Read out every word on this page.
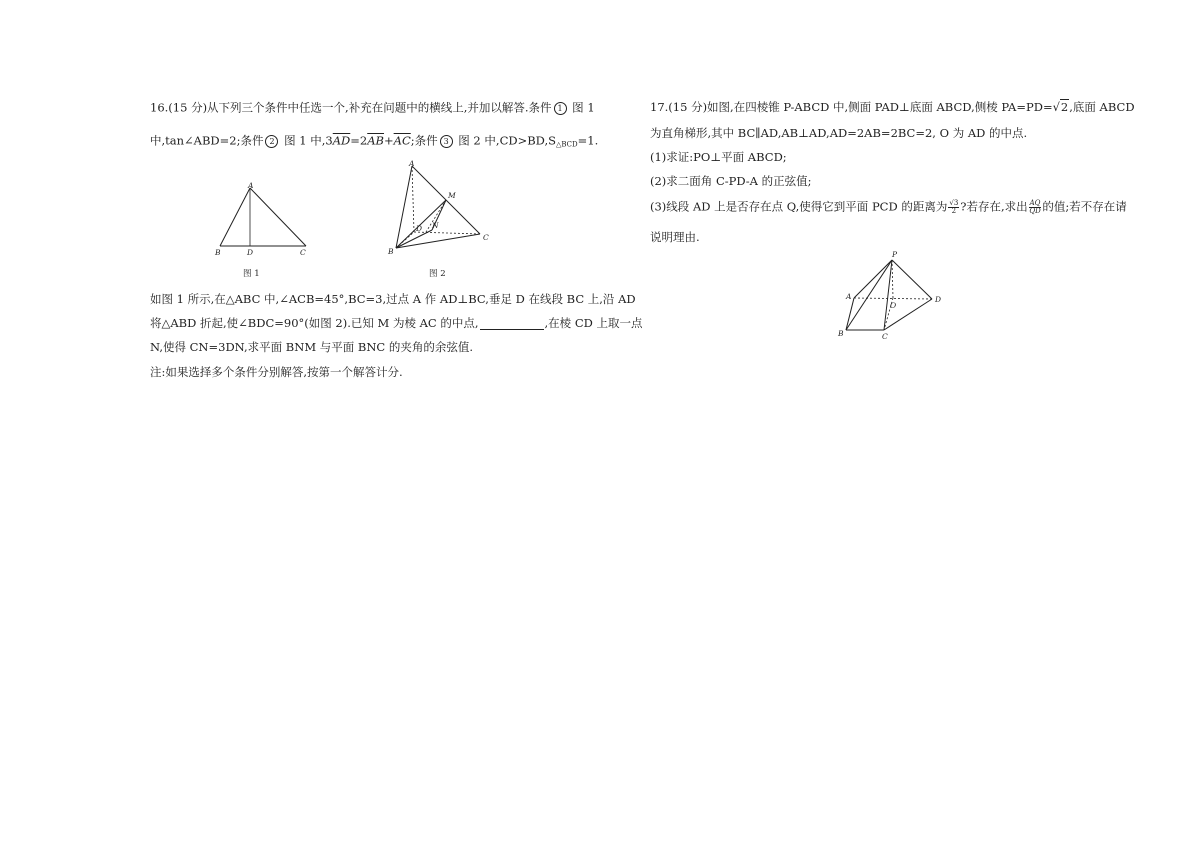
16.(15 分)从下列三个条件中任选一个,补充在问题中的横线上,并加以解答.条件 1 图 1
中,tan∠ABD=2;条件 2 图 1 中$,3\overline{AD}=2\overline{AB}+\overline{AC}$;条件 3 图 2 中$,CD>BD,S_{\triangle BCD}=1$.
A
B	D	C
图 1
A
B
C
D
M
N
图 2
如图 1 所示,在△ABC 中,∠ACB=45°,BC=3,过点 A 作 AD⊥BC,垂足 D 在线段 BC 上,沿 AD
将△ABD 折起,使∠BDC=90°(如图 2).已知 M 为棱 AC 的中点,	,在棱 CD 上取一点
N,使得 CN=3DN,求平面 BNM 与平面 BNC 的夹角的余弦值.
注:如果选择多个条件分别解答,按第一个解答计分.
17.(15 分)如图,在四棱锥 P-ABCD 中,侧面 PAD⊥底面 ABCD,侧棱 PA=PD=√2,底面 ABCD
为直角梯形,其中 BC∥AD,AB⊥AD,AD=2AB=2BC=2, O 为 AD 的中点.
(1)求证:PO⊥平面 ABCD;
(2)求二面角 C-PD-A 的正弦值;
(3)线段 AD 上是否存在点 Q,使得它到平面 PCD 的距离为 $\frac{√3}{2}$ ?若存在,求出 $\frac{AQ}{QD}$ 的值;若不存在请
说明理由.
P
A
B	C
D
O
